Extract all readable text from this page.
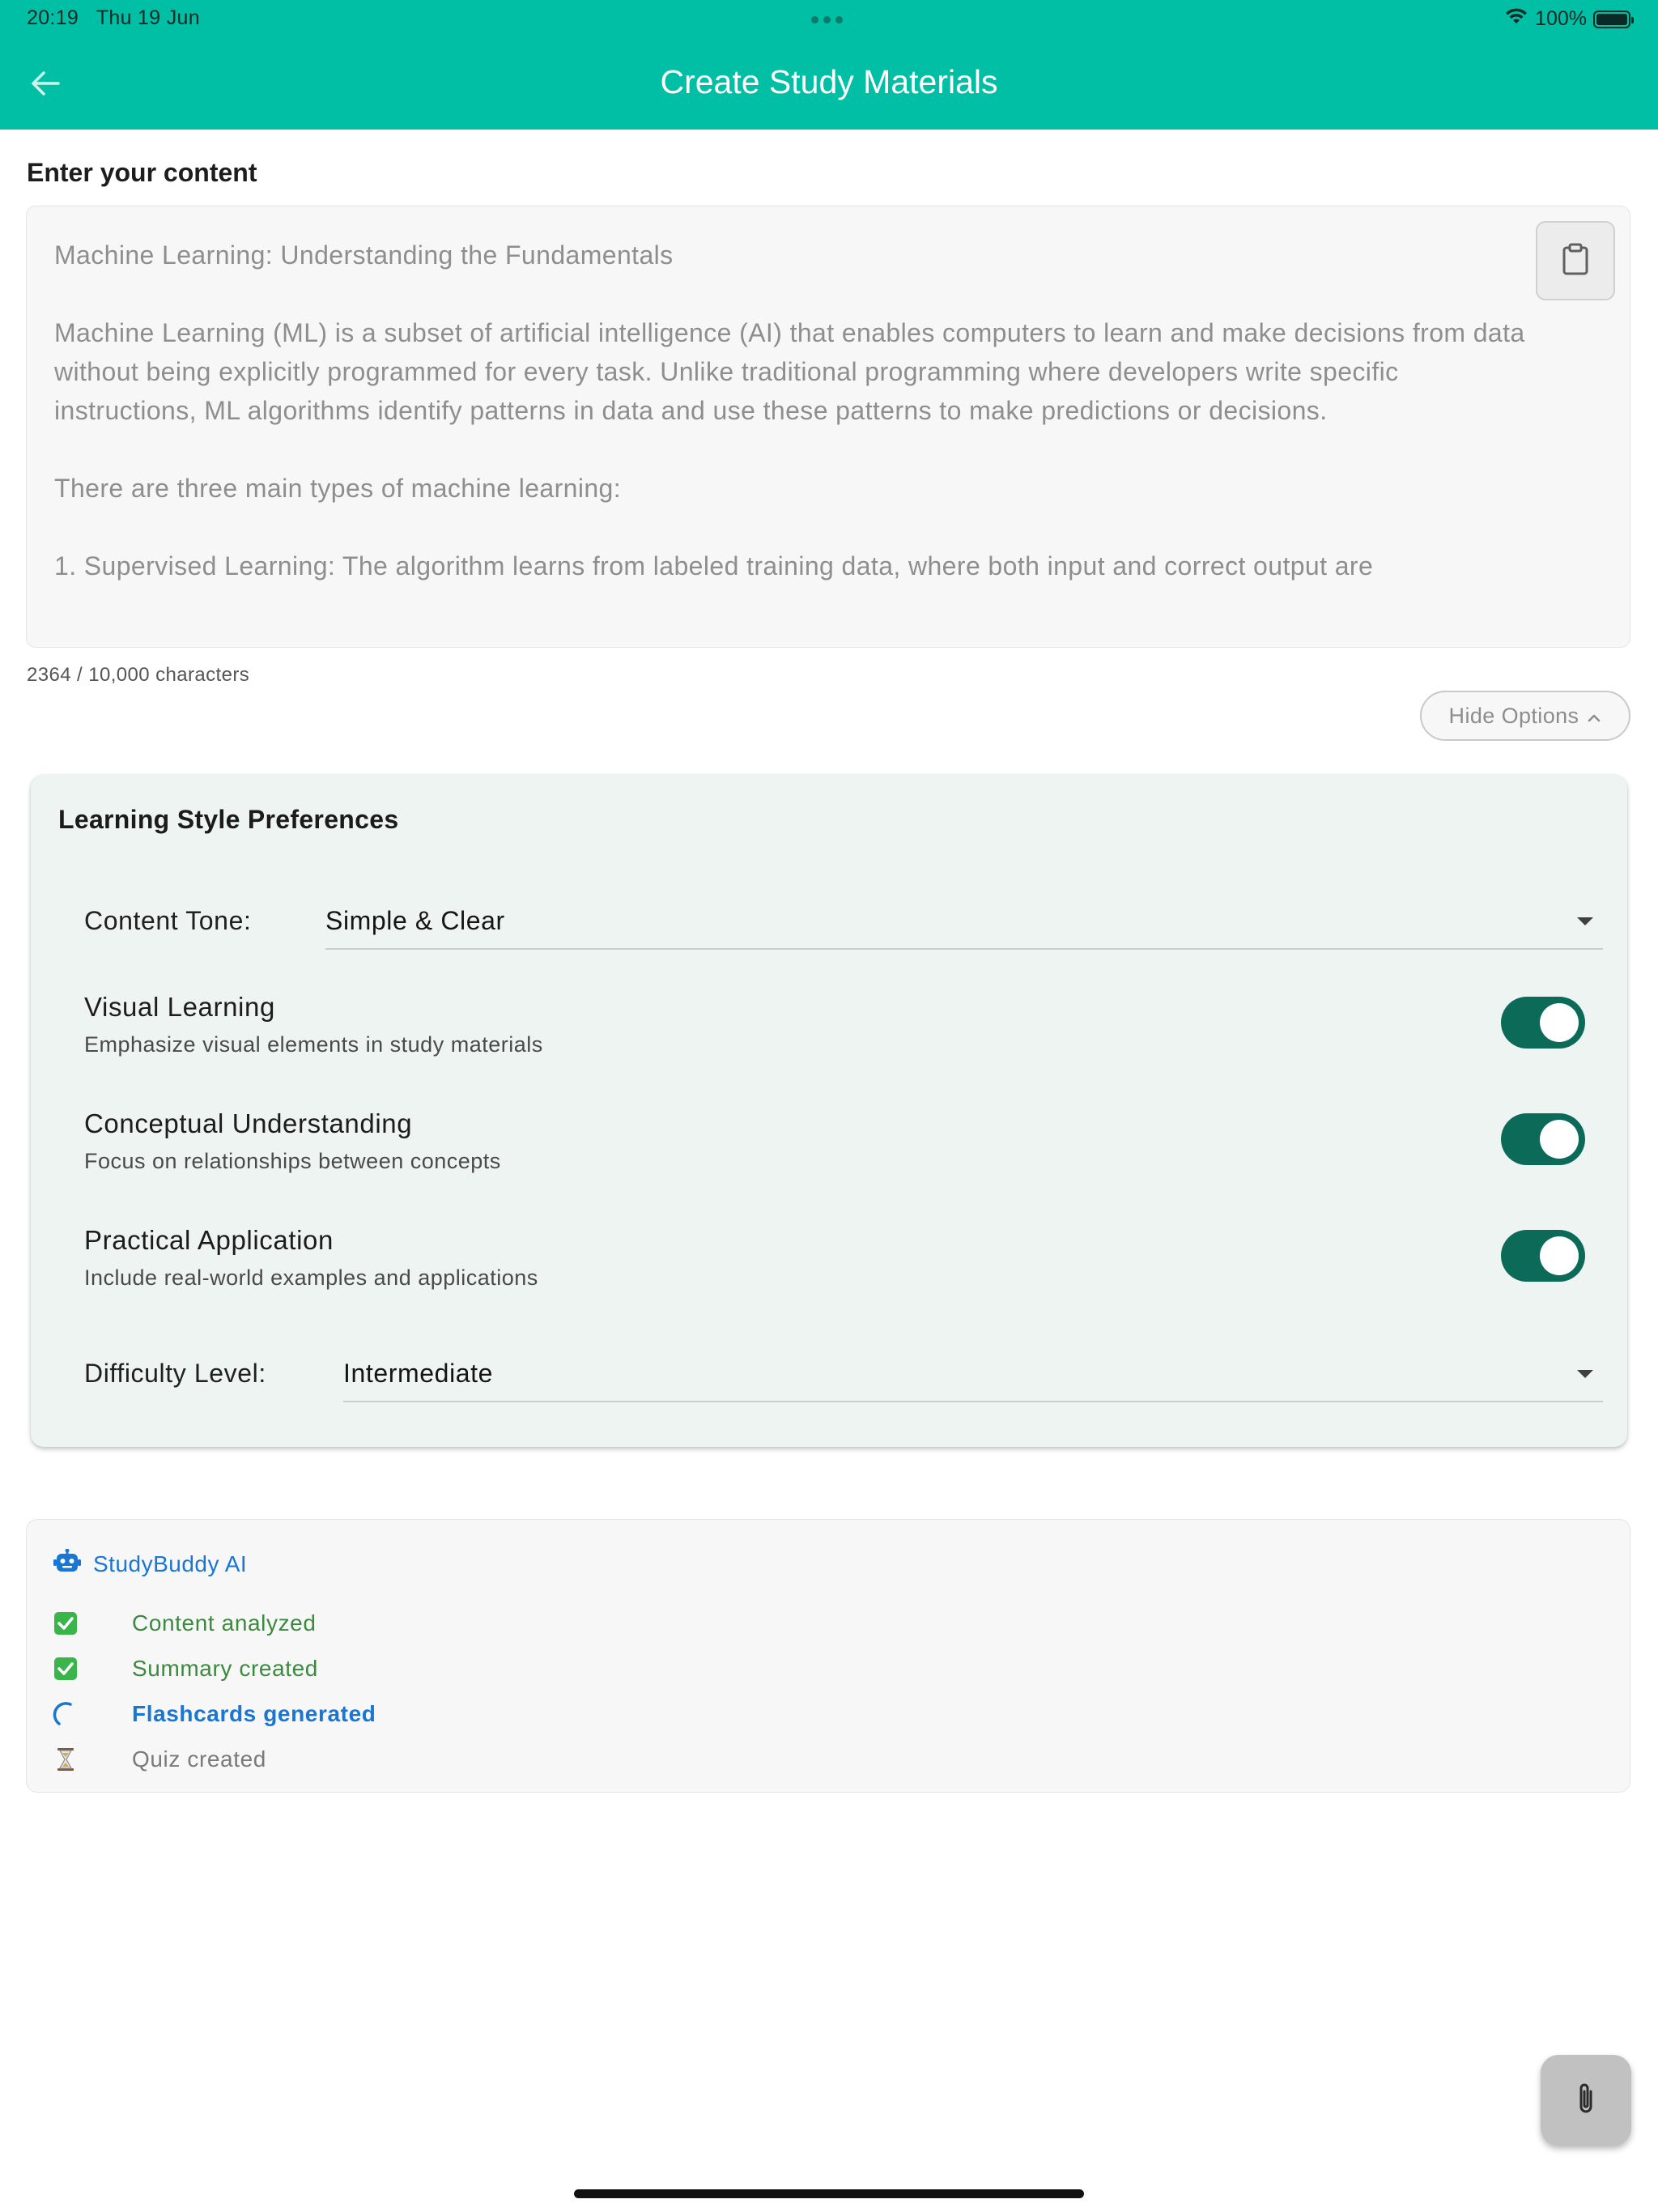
20:19 Thu 19 Jun	100%
Create Study Materials
Enter your content

Machine Learning: Understanding the Fundamentals

Machine Learning (ML) is a subset of artificial intelligence (AI) that enables computers to learn and make decisions from data without being explicitly programmed for every task. Unlike traditional programming where developers write specific instructions, ML algorithms identify patterns in data and use these patterns to make predictions or decisions.

There are three main types of machine learning:

1. Supervised Learning: The algorithm learns from labeled training data, where both input and correct output are

2364 / 10,000 characters
Hide Options
Learning Style Preferences
Content Tone:	Simple & Clear
Visual Learning
Emphasize visual elements in study materials
Conceptual Understanding
Focus on relationships between concepts
Practical Application
Include real-world examples and applications
Difficulty Level:	Intermediate
StudyBuddy AI
Content analyzed
Summary created
Flashcards generated
Quiz created
